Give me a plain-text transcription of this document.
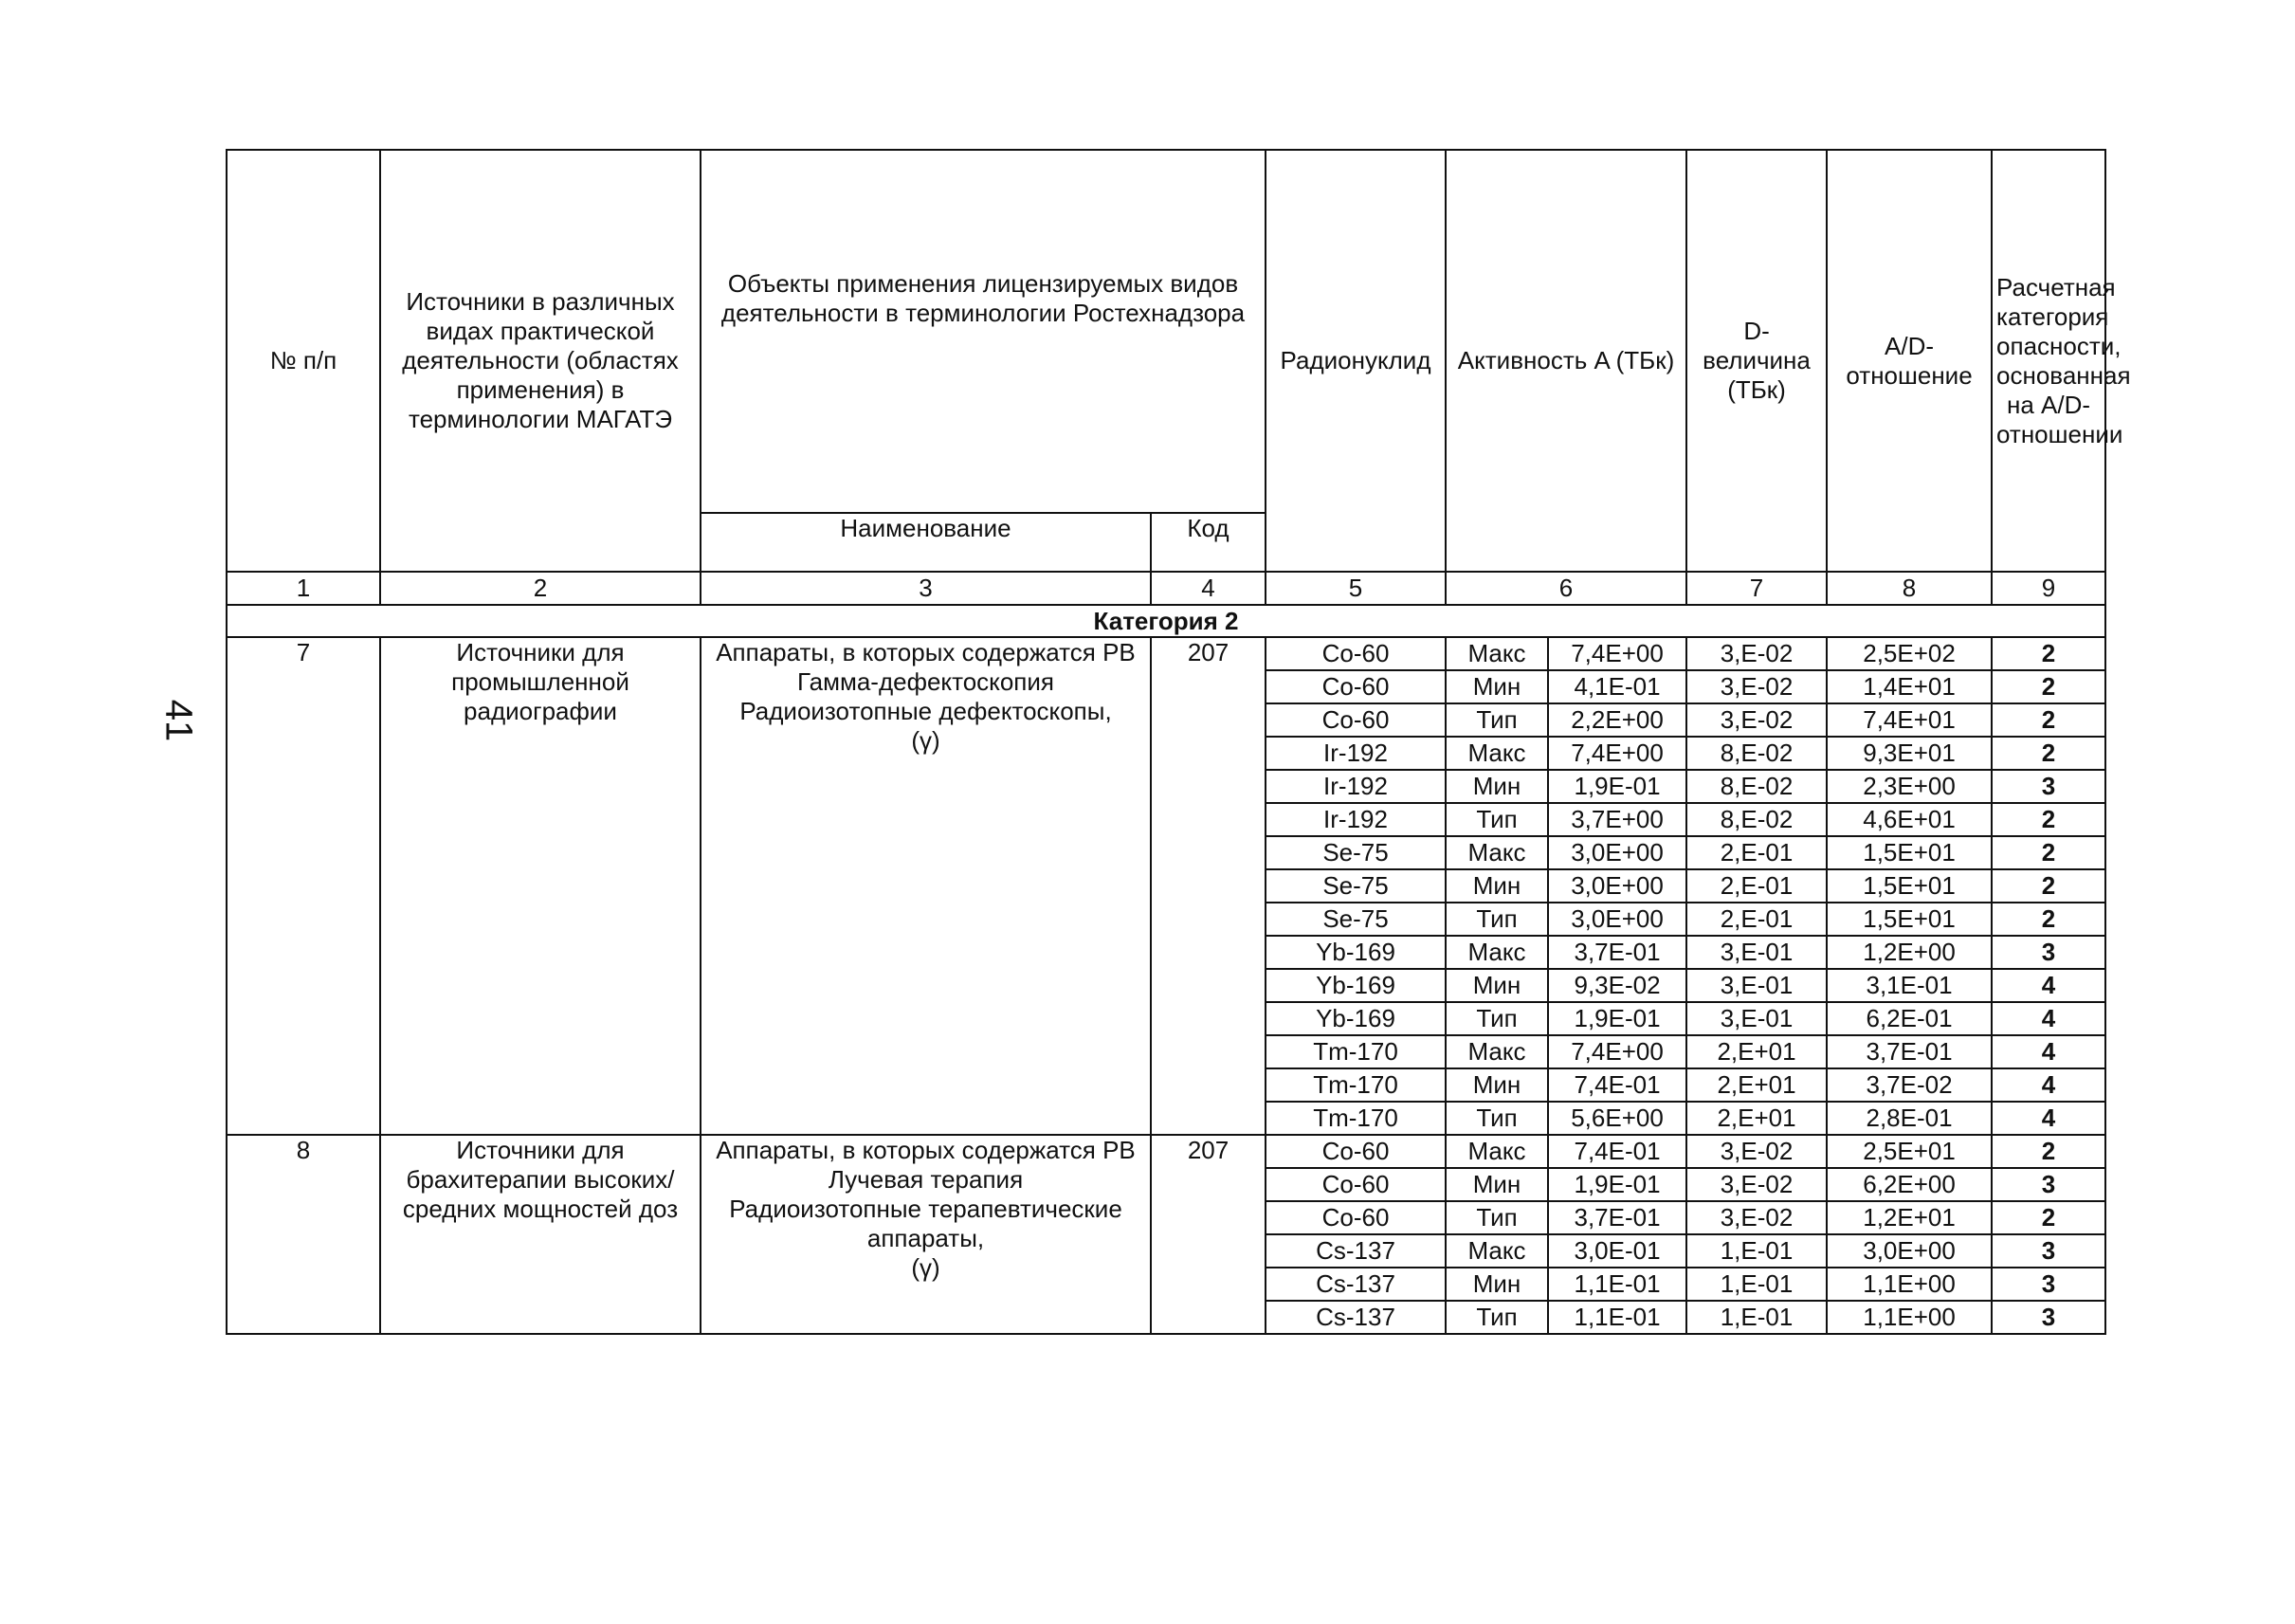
41
№ п/п	Источники в различных видах практической деятельности (областях применения) в терминологии МАГАТЭ	Объекты применения лицензируемых видов деятельности в терминологии Ростехнадзора		Радионуклид	Активность A (ТБк)		D-величина (ТБк)	A/D- отношение	Расчетная категория опасности, основанная на A/D- отношении
		Наименование	Код						
1	2	3	4	5	6		7	8	9
Категория 2									
7	Источники для промышленной радиографии	Аппараты, в которых содержатся РВ
Гамма-дефектоскопия
Радиоизотопные дефектоскопы,
(γ)	207	Co-60	Макс	7,4E+00	3,E-02	2,5E+02	2
				Co-60	Мин	4,1E-01	3,E-02	1,4E+01	2
				Co-60	Тип	2,2E+00	3,E-02	7,4E+01	2
				Ir-192	Макс	7,4E+00	8,E-02	9,3E+01	2
				Ir-192	Мин	1,9E-01	8,E-02	2,3E+00	3
				Ir-192	Тип	3,7E+00	8,E-02	4,6E+01	2
				Se-75	Макс	3,0E+00	2,E-01	1,5E+01	2
				Se-75	Мин	3,0E+00	2,E-01	1,5E+01	2
				Se-75	Тип	3,0E+00	2,E-01	1,5E+01	2
				Yb-169	Макс	3,7E-01	3,E-01	1,2E+00	3
				Yb-169	Мин	9,3E-02	3,E-01	3,1E-01	4
				Yb-169	Тип	1,9E-01	3,E-01	6,2E-01	4
				Tm-170	Макс	7,4E+00	2,E+01	3,7E-01	4
				Tm-170	Мин	7,4E-01	2,E+01	3,7E-02	4
				Tm-170	Тип	5,6E+00	2,E+01	2,8E-01	4
8	Источники для брахитерапии высоких/средних мощностей доз	Аппараты, в которых содержатся РВ
Лучевая терапия
Радиоизотопные терапевтические аппараты,
(γ)	207	Co-60	Макс	7,4E-01	3,E-02	2,5E+01	2
				Co-60	Мин	1,9E-01	3,E-02	6,2E+00	3
				Co-60	Тип	3,7E-01	3,E-02	1,2E+01	2
				Cs-137	Макс	3,0E-01	1,E-01	3,0E+00	3
				Cs-137	Мин	1,1E-01	1,E-01	1,1E+00	3
				Cs-137	Тип	1,1E-01	1,E-01	1,1E+00	3
